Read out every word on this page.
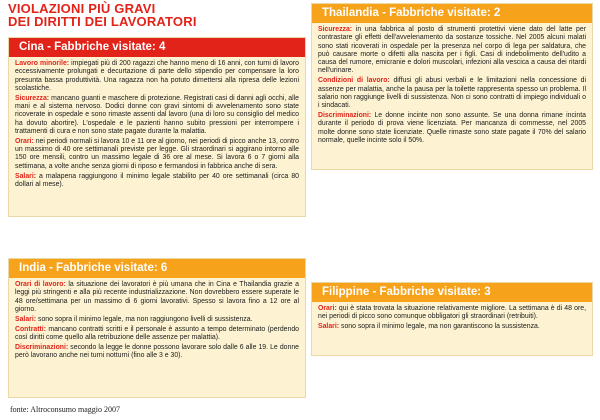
VIOLAZIONI PIÙ GRAVI
DEI DIRITTI DEI LAVORATORI
Cina - Fabbriche visitate: 4

Lavoro minorile: impiegati più di 200 ragazzi che hanno meno di 16 anni, con turni di lavoro eccessivamente prolungati e decurtazione di parte dello stipendio per compensare la loro presunta bassa produttività. Una ragazza non ha potuto dimettersi alla ripresa delle lezioni scolastiche.

Sicurezza: mancano guanti e maschere di protezione. Registrati casi di danni agli occhi, alle mani e al sistema nervoso. Dodici donne con gravi sintomi di avvelenamento sono state ricoverate in ospedale e sono rimaste assenti dal lavoro (una di loro su consiglio del medico ha dovuto abortire). L'ospedale e le pazienti hanno subito pressioni per interrompere i trattamenti di cura e non sono state pagate durante la malattia.

Orari: nei periodi normali si lavora 10 e 11 ore al giorno, nei periodi di picco anche 13, contro un massimo di 40 ore settimanali previste per legge. Gli straordinari si aggirano intorno alle 150 ore mensili, contro un massimo legale di 36 ore al mese. Si lavora 6 o 7 giorni alla settimana, a volte anche senza giorni di riposo e fermandosi in fabbrica anche di sera.

Salari: a malapena raggiungono il minimo legale stabilito per 40 ore settimanali (circa 80 dollari al mese).

Thailandia - Fabbriche visitate: 2

Sicurezza: in una fabbrica al posto di strumenti protettivi viene dato del latte per contrastare gli effetti dell'avvelenamento da sostanze tossiche. Nel 2005 alcuni malati sono stati ricoverati in ospedale per la presenza nel corpo di lega per saldatura, che può causare morte o difetti alla nascita per i figli. Casi di indebolimento dell'udito a causa del rumore, emicranie e dolori muscolari, infezioni alla vescica a causa dei ritardi nell'urinare.

Condizioni di lavoro: diffusi gli abusi verbali e le limitazioni nella concessione di assenze per malattia, anche la pausa per la toilette rappresenta spesso un problema. Il salario non raggiunge livelli di sussistenza. Non ci sono contratti di impiego individuali o i sindacati.

Discriminazioni: Le donne incinte non sono assunte. Se una donna rimane incinta durante il periodo di prova viene licenziata. Per mancanza di commesse, nel 2005 molte donne sono state licenziate. Quelle rimaste sono state pagate il 70% del salario normale, quelle incinte solo il 50%.

India - Fabbriche visitate: 6

Orari di lavoro: la situazione dei lavoratori è più umana che in Cina e Thailandia grazie a leggi più stringenti e alla più recente industrializzazione. Non dovrebbero essere superate le 48 ore/settimana per un massimo di 6 giorni lavorativi. Spesso si lavora fino a 12 ore al giorno.

Salari: sono sopra il minimo legale, ma non raggiungono livelli di sussistenza.

Contratti: mancano contratti scritti e il personale è assunto a tempo determinato (perdendo così diritti come quello alla retribuzione delle assenze per malattia).

Discriminazioni: secondo la legge le donne possono lavorare solo dalle 6 alle 19. Le donne però lavorano anche nei turni notturni (fino alle 3 e 30).

Filippine - Fabbriche visitate: 3

Orari: qui è stata trovata la situazione relativamente migliore. La settimana è di 48 ore, nei periodi di picco sono comunque obbligatori gli straordinari (retribuiti).

Salari: sono sopra il minimo legale, ma non garantiscono la sussistenza.

fonte: Altroconsumo maggio 2007
